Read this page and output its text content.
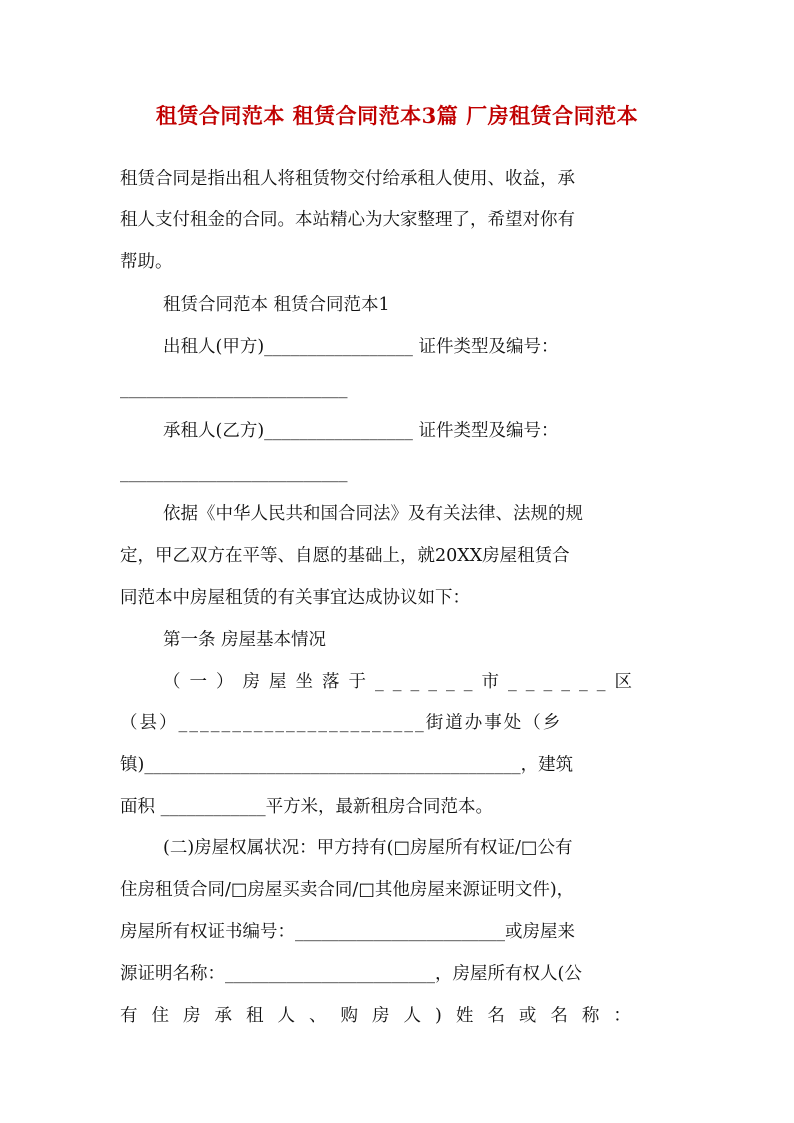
租赁合同范本 租赁合同范本3篇 厂房租赁合同范本
租赁合同是指出租人将租赁物交付给承租人使用、收益，承
租人支付租金的合同。本站精心为大家整理了，希望对你有
帮助。
租赁合同范本 租赁合同范本1
出租人(甲方)_________________ 证件类型及编号：
__________________________
承租人(乙方)_________________ 证件类型及编号：
__________________________
依据《中华人民共和国合同法》及有关法律、法规的规
定，甲乙双方在平等、自愿的基础上，就20XX房屋租赁合
同范本中房屋租赁的有关事宜达成协议如下：
第一条 房屋基本情况
（一）房屋坐落于______市______区
（县）_______________________街道办事处（乡
镇)___________________________________________，建筑
面积 ____________平方米，最新租房合同范本。
(二)房屋权属状况：甲方持有(□房屋所有权证/□公有
住房租赁合同/□房屋买卖合同/□其他房屋来源证明文件)，
房屋所有权证书编号：________________________或房屋来
源证明名称：________________________，房屋所有权人(公
有住房承租人、购房人)姓名或名称：
